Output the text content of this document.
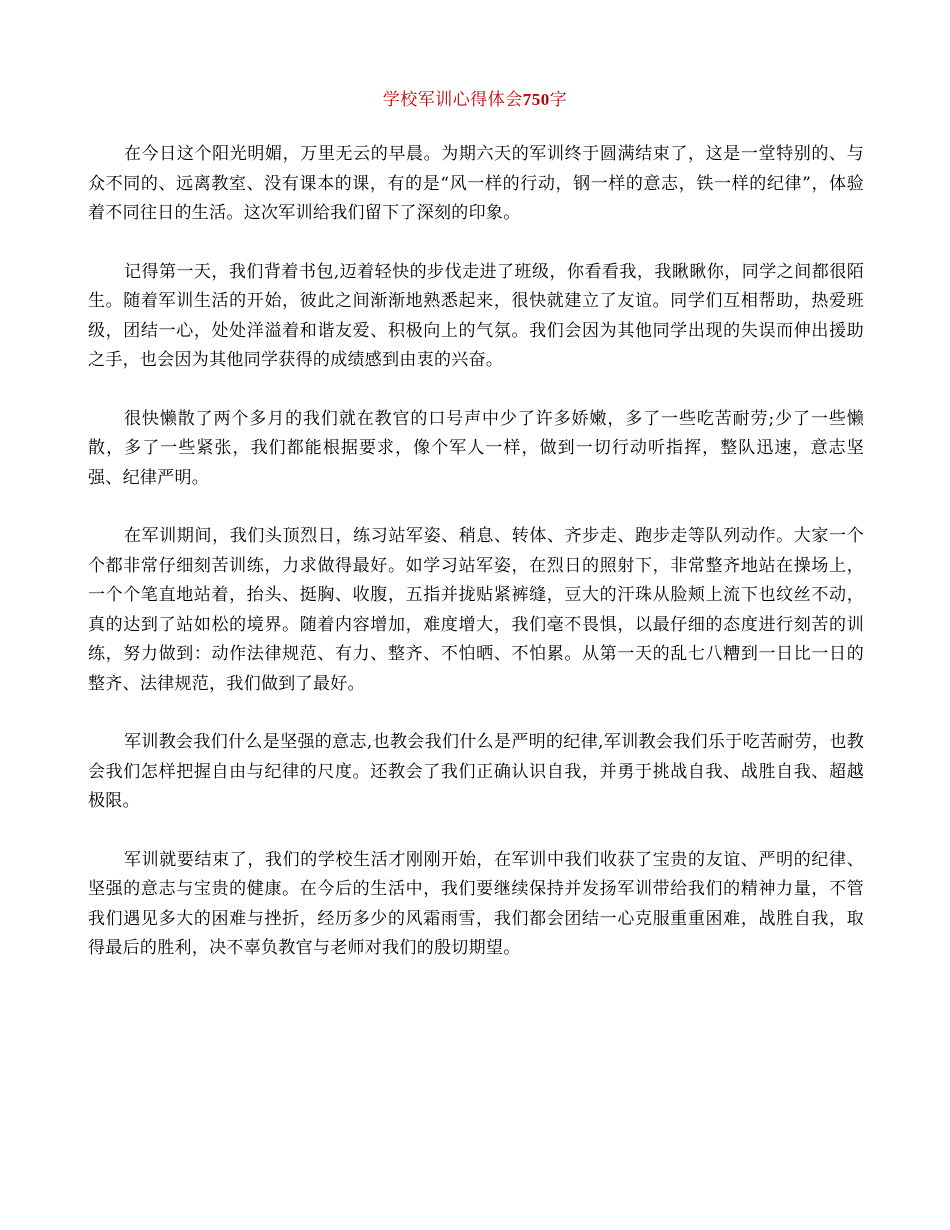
学校军训心得体会750字

在今日这个阳光明媚，万里无云的早晨。为期六天的军训终于圆满结束了，这是一堂特别的、与众不同的、远离教室、没有课本的课，有的是“风一样的行动，钢一样的意志，铁一样的纪律”，体验着不同往日的生活。这次军训给我们留下了深刻的印象。

记得第一天，我们背着书包,迈着轻快的步伐走进了班级，你看看我，我瞅瞅你，同学之间都很陌生。随着军训生活的开始，彼此之间渐渐地熟悉起来，很快就建立了友谊。同学们互相帮助，热爱班级，团结一心，处处洋溢着和谐友爱、积极向上的气氛。我们会因为其他同学出现的失误而伸出援助之手，也会因为其他同学获得的成绩感到由衷的兴奋。

很快懒散了两个多月的我们就在教官的口号声中少了许多娇嫩，多了一些吃苦耐劳;少了一些懒散，多了一些紧张，我们都能根据要求，像个军人一样，做到一切行动听指挥，整队迅速，意志坚强、纪律严明。

在军训期间，我们头顶烈日，练习站军姿、稍息、转体、齐步走、跑步走等队列动作。大家一个个都非常仔细刻苦训练，力求做得最好。如学习站军姿，在烈日的照射下，非常整齐地站在操场上，一个个笔直地站着，抬头、挺胸、收腹，五指并拢贴紧裤缝，豆大的汗珠从脸颊上流下也纹丝不动，真的达到了站如松的境界。随着内容增加，难度增大，我们毫不畏惧，以最仔细的态度进行刻苦的训练，努力做到：动作法律规范、有力、整齐、不怕晒、不怕累。从第一天的乱七八糟到一日比一日的整齐、法律规范，我们做到了最好。

军训教会我们什么是坚强的意志,也教会我们什么是严明的纪律,军训教会我们乐于吃苦耐劳，也教会我们怎样把握自由与纪律的尺度。还教会了我们正确认识自我，并勇于挑战自我、战胜自我、超越极限。

军训就要结束了，我们的学校生活才刚刚开始，在军训中我们收获了宝贵的友谊、严明的纪律、坚强的意志与宝贵的健康。在今后的生活中，我们要继续保持并发扬军训带给我们的精神力量，不管我们遇见多大的困难与挫折，经历多少的风霜雨雪，我们都会团结一心克服重重困难，战胜自我，取得最后的胜利，决不辜负教官与老师对我们的殷切期望。
